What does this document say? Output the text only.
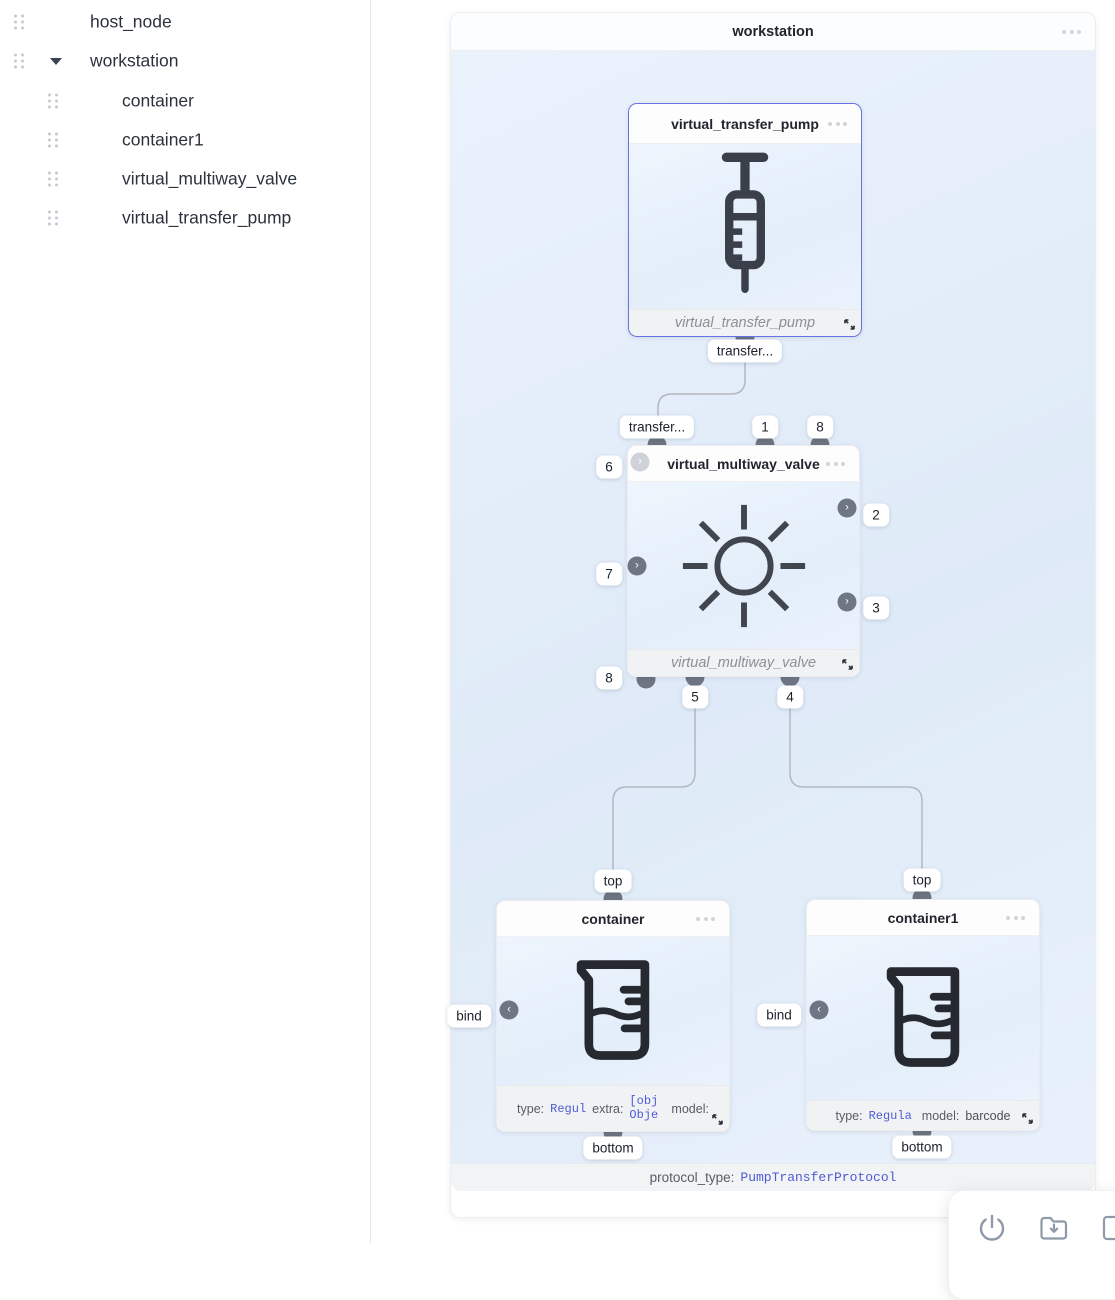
host_node
workstation
container
container1
virtual_multiway_valve
virtual_transfer_pump
workstation
protocol_type: PumpTransferProtocol
virtual_transfer_pump
virtual_transfer_pump
virtual_multiway_valve
virtual_multiway_valve
›
›
›
›
‹	‹
container
type: Regul extra:
[obj Obje	model:
container1
type: Regula model: barcode
transfer...
transfer...	1	8
6
7
8
2
3
5	4
top
bind
bottom
top
bind
bottom
